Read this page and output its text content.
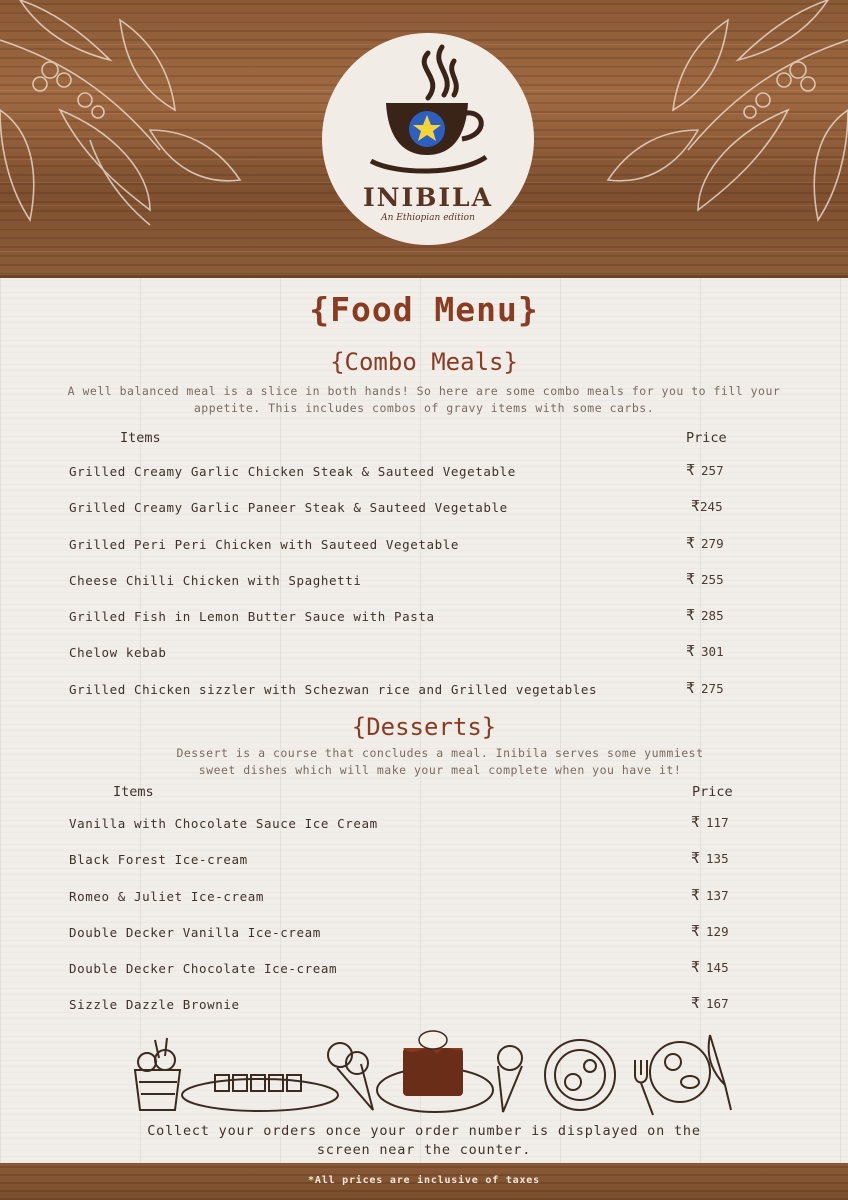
INIBILA
An Ethiopian edition
{Food Menu}
{Combo Meals}
A well balanced meal is a slice in both hands! So here are some combo meals for you to fill your appetite. This includes combos of gravy items with some carbs.
Items	Price
Grilled Creamy Garlic Chicken Steak & Sauteed Vegetable	₹ 257
Grilled Creamy Garlic Paneer Steak & Sauteed Vegetable	₹245
Grilled Peri Peri Chicken with Sauteed Vegetable	₹ 279
Cheese Chilli Chicken with Spaghetti	₹ 255
Grilled Fish in Lemon Butter Sauce with Pasta	₹ 285
Chelow kebab	₹ 301
Grilled Chicken sizzler with Schezwan rice and Grilled vegetables	₹ 275
{Desserts}
Dessert is a course that concludes a meal. Inibila serves some yummiest sweet dishes which will make your meal complete when you have it!
Items	Price
Vanilla with Chocolate Sauce Ice Cream	₹ 117
Black Forest Ice-cream	₹ 135
Romeo & Juliet Ice-cream	₹ 137
Double Decker Vanilla Ice-cream	₹ 129
Double Decker Chocolate Ice-cream	₹ 145
Sizzle Dazzle Brownie	₹ 167
Collect your orders once your order number is displayed on the screen near the counter.
*All prices are inclusive of taxes
